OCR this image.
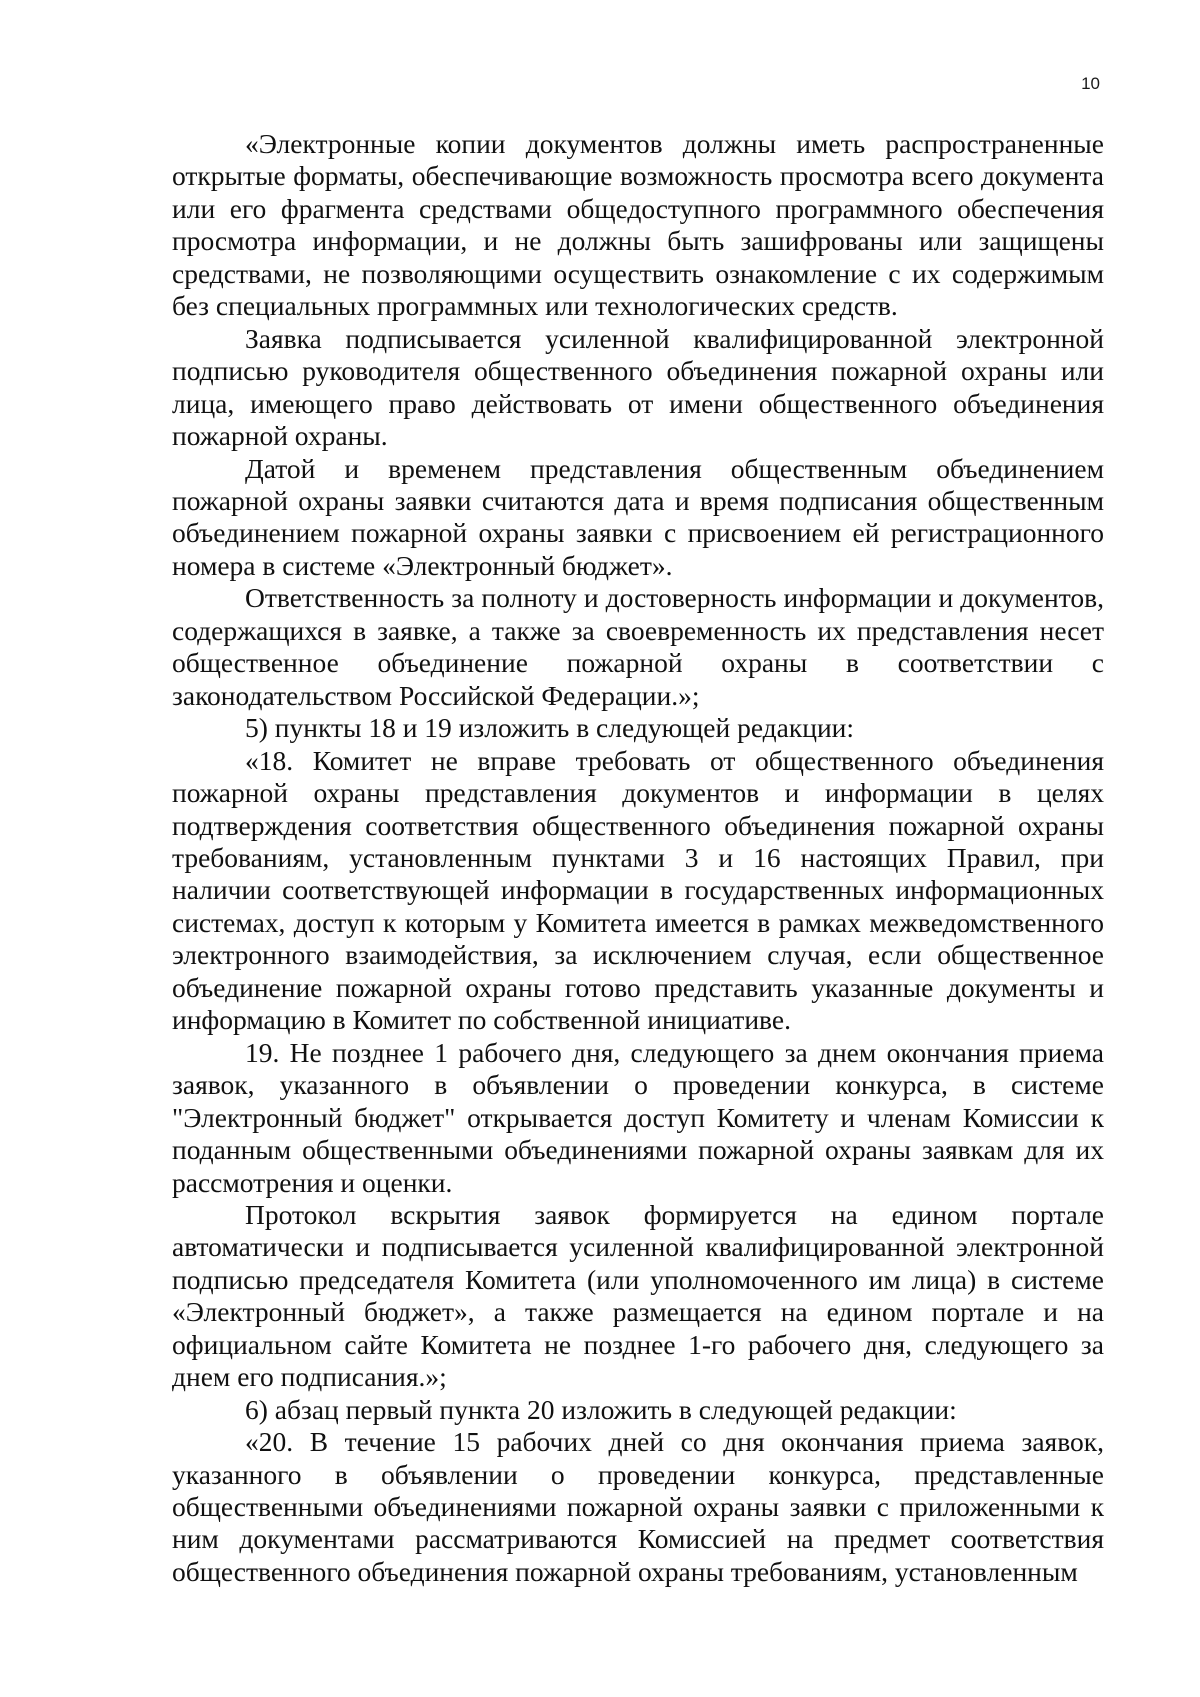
10

«Электронные копии документов должны иметь распространенные открытые форматы, обеспечивающие возможность просмотра всего документа или его фрагмента средствами общедоступного программного обеспечения просмотра информации, и не должны быть зашифрованы или защищены средствами, не позволяющими осуществить ознакомление с их содержимым без специальных программных или технологических средств.

Заявка подписывается усиленной квалифицированной электронной подписью руководителя общественного объединения пожарной охраны или лица, имеющего право действовать от имени общественного объединения пожарной охраны.

Датой и временем представления общественным объединением пожарной охраны заявки считаются дата и время подписания общественным объединением пожарной охраны заявки с присвоением ей регистрационного номера в системе «Электронный бюджет».

Ответственность за полноту и достоверность информации и документов, содержащихся в заявке, а также за своевременность их представления несет общественное объединение пожарной охраны в соответствии с законодательством Российской Федерации.»;

5) пункты 18 и 19 изложить в следующей редакции:

«18. Комитет не вправе требовать от общественного объединения пожарной охраны представления документов и информации в целях подтверждения соответствия общественного объединения пожарной охраны требованиям, установленным пунктами 3 и 16 настоящих Правил, при наличии соответствующей информации в государственных информационных системах, доступ к которым у Комитета имеется в рамках межведомственного электронного взаимодействия, за исключением случая, если общественное объединение пожарной охраны готово представить указанные документы и информацию в Комитет по собственной инициативе.

19. Не позднее 1 рабочего дня, следующего за днем окончания приема заявок, указанного в объявлении о проведении конкурса, в системе "Электронный бюджет" открывается доступ Комитету и членам Комиссии к поданным общественными объединениями пожарной охраны заявкам для их рассмотрения и оценки.

Протокол вскрытия заявок формируется на едином портале автоматически и подписывается усиленной квалифицированной электронной подписью председателя Комитета (или уполномоченного им лица) в системе «Электронный бюджет», а также размещается на едином портале и на официальном сайте Комитета не позднее 1-го рабочего дня, следующего за днем его подписания.»;

6) абзац первый пункта 20 изложить в следующей редакции:

«20. В течение 15 рабочих дней со дня окончания приема заявок, указанного в объявлении о проведении конкурса, представленные общественными объединениями пожарной охраны заявки с приложенными к ним документами рассматриваются Комиссией на предмет соответствия общественного объединения пожарной охраны требованиям, установленным
